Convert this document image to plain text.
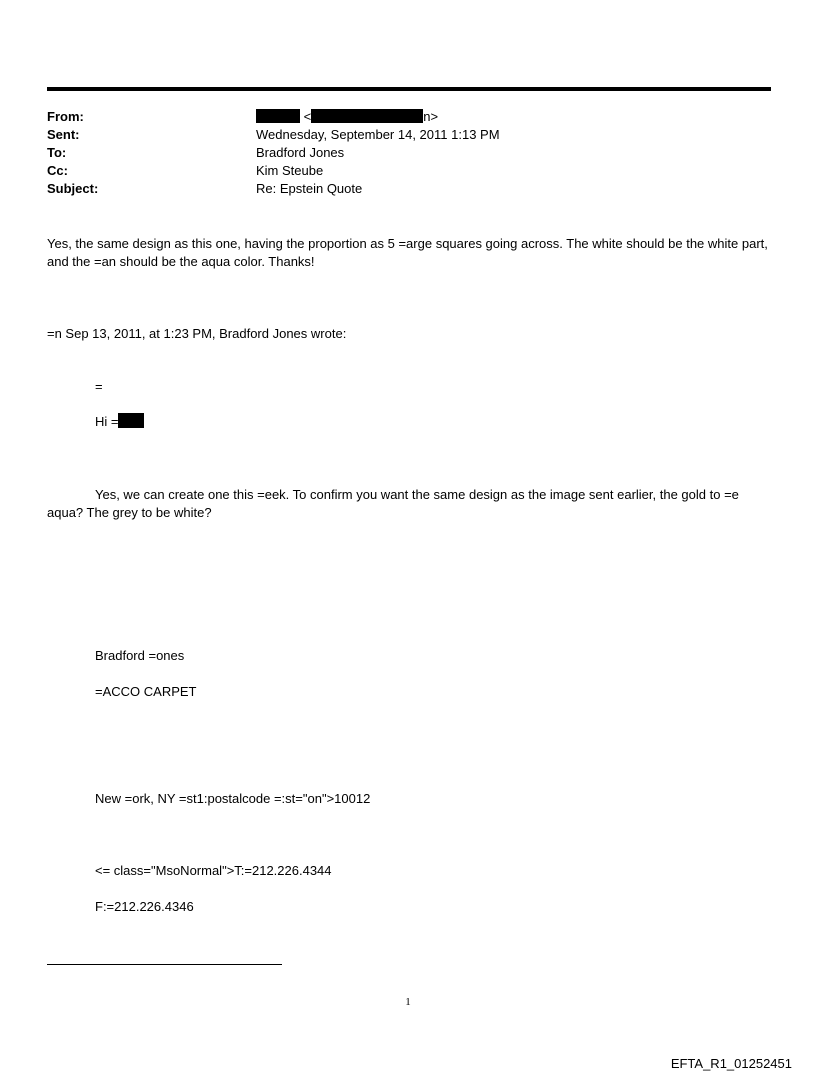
From:	<	n>
Sent:	Wednesday, September 14, 2011 1:13 PM
To:	Bradford Jones
Cc:	Kim Steube
Subject:	Re: Epstein Quote
Yes, the same design as this one, having the proportion as 5 =arge squares going across. The white should be the white part, and the =an should be the aqua color. Thanks!
=n Sep 13, 2011, at 1:23 PM, Bradford Jones wrote:
=
Hi =
Yes, we can create one this =eek. To confirm you want the same design as the image sent earlier, the gold to =e aqua? The grey to be white?
Bradford =ones
=ACCO CARPET
New =ork, NY =st1:postalcode =:st="on">10012
<= class="MsoNormal">T:=212.226.4344
F:=212.226.4346
1
EFTA_R1_01252451
